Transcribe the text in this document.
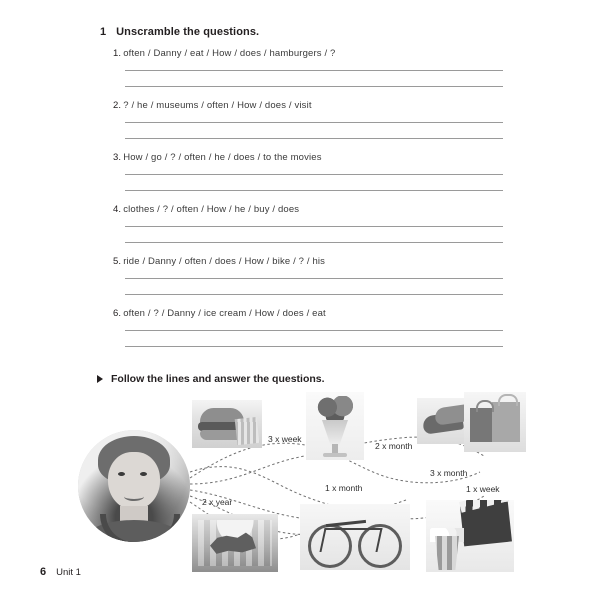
1 Unscramble the questions.
1. often / Danny / eat / How / does / hamburgers / ?
2. ? / he / museums / often / How / does / visit
3. How / go / ? / often / he / does / to the movies
4. clothes / ? / often / How / he / buy / does
5. ride / Danny / often / does / How / bike / ? / his
6. often / ? / Danny / ice cream / How / does / eat
Follow the lines and answer the questions.
3 x week
2 x month
3 x month
1 x month	1 x week
2 x year
6 Unit 1
